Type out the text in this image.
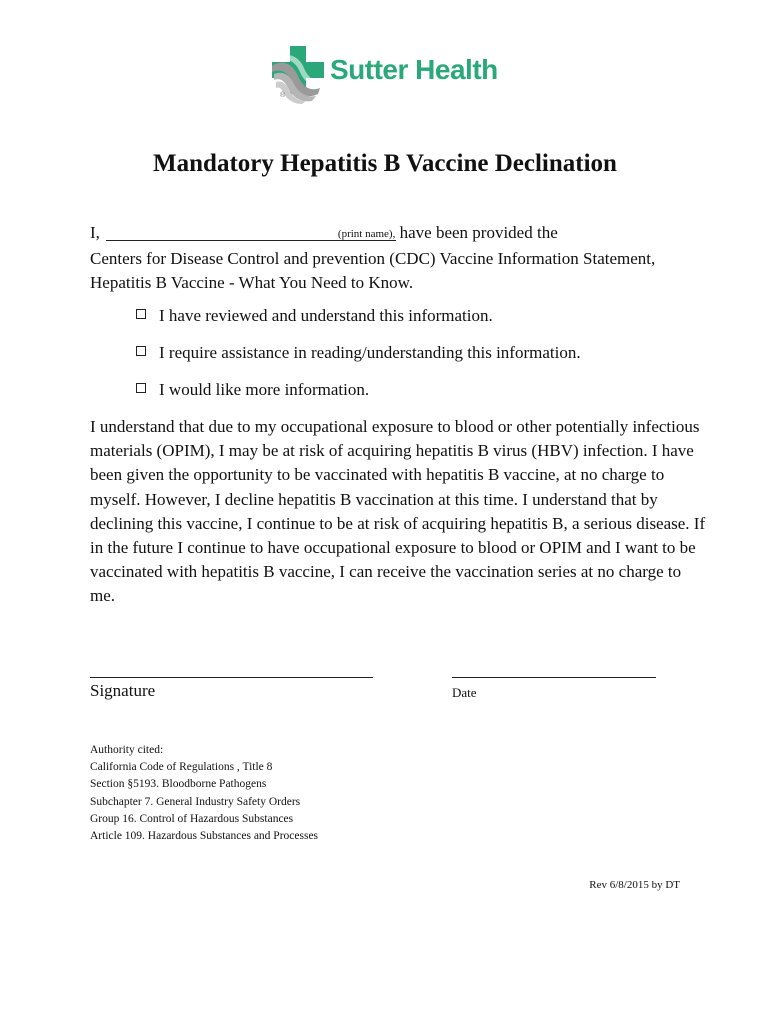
Sutter Health
®
Mandatory Hepatitis B Vaccine Declination
I,	(print name), have been provided the
Centers for Disease Control and prevention (CDC) Vaccine Information Statement,
Hepatitis B Vaccine - What You Need to Know.
I have reviewed and understand this information.
I require assistance in reading/understanding this information.
I would like more information.
I understand that due to my occupational exposure to blood or other potentially infectious materials (OPIM), I may be at risk of acquiring hepatitis B virus (HBV) infection. I have been given the opportunity to be vaccinated with hepatitis B vaccine, at no charge to myself. However, I decline hepatitis B vaccination at this time. I understand that by declining this vaccine, I continue to be at risk of acquiring hepatitis B, a serious disease. If in the future I continue to have occupational exposure to blood or OPIM and I want to be vaccinated with hepatitis B vaccine, I can receive the vaccination series at no charge to me.
Signature	Date
Authority cited:
California Code of Regulations , Title 8
Section §5193. Bloodborne Pathogens
Subchapter 7. General Industry Safety Orders
Group 16. Control of Hazardous Substances
Article 109. Hazardous Substances and Processes
Rev 6/8/2015 by DT
